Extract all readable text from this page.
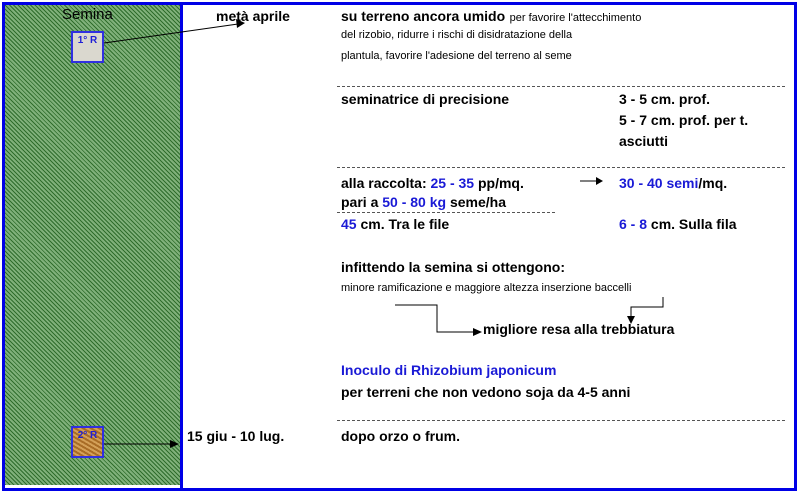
Semina
1° R
2° R
metà aprile	su terreno ancora umido per favorire l'attecchimento
del rizobio, ridurre i rischi di disidratazione della
plantula, favorire l'adesione del terreno al seme
seminatrice di precisione	3 - 5 cm. prof.
5 - 7 cm. prof. per t.
asciutti
alla raccolta: 25 - 35 pp/mq.	30 - 40 semi/mq.
pari a 50 - 80 kg seme/ha
45 cm. Tra le file	6 - 8 cm. Sulla fila
infittendo la semina si ottengono:
minore ramificazione e maggiore altezza inserzione baccelli
migliore resa alla trebbiatura
Inoculo di Rhizobium japonicum
per terreni che non vedono soja da 4-5 anni
15 giu - 10 lug.	dopo orzo o frum.
